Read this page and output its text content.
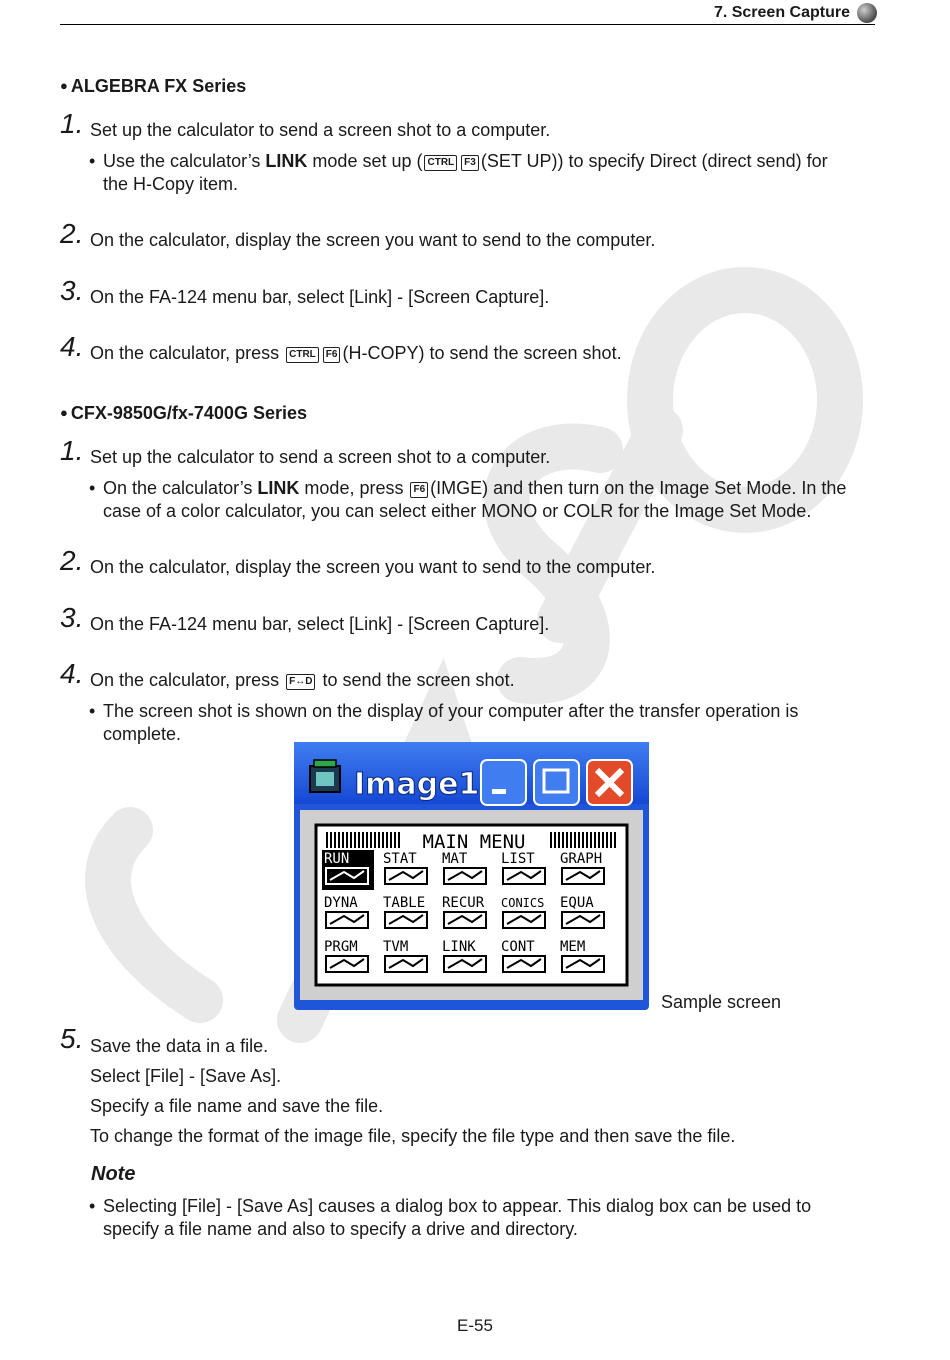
7. Screen Capture
● ALGEBRA FX Series
1. Set up the calculator to send a screen shot to a computer.
• Use the calculator’s LINK mode set up ( CTRL F3 (SET UP)) to specify Direct (direct send) for
the H-Copy item.
2. On the calculator, display the screen you want to send to the computer.
3. On the FA-124 menu bar, select [Link] - [Screen Capture].
4. On the calculator, press CTRL F6 (H-COPY) to send the screen shot.
● CFX-9850G/fx-7400G Series
1. Set up the calculator to send a screen shot to a computer.
• On the calculator’s LINK mode, press F6 (IMGE) and then turn on the Image Set Mode. In the
case of a color calculator, you can select either MONO or COLR for the Image Set Mode.
2. On the calculator, display the screen you want to send to the computer.
3. On the FA-124 menu bar, select [Link] - [Screen Capture].
4. On the calculator, press F↔D to send the screen shot.
• The screen shot is shown on the display of your computer after the transfer operation is
complete.
Image1
MAIN MENU
RUN STAT MAT LIST GRAPH
DYNA TABLE RECUR CONICS EQUA
PRGM TVM LINK CONT MEM
Sample screen
5. Save the data in a file.
Select [File] - [Save As].
Specify a file name and save the file.
To change the format of the image file, specify the file type and then save the file.
Note
• Selecting [File] - [Save As] causes a dialog box to appear. This dialog box can be used to
specify a file name and also to specify a drive and directory.
E-55
